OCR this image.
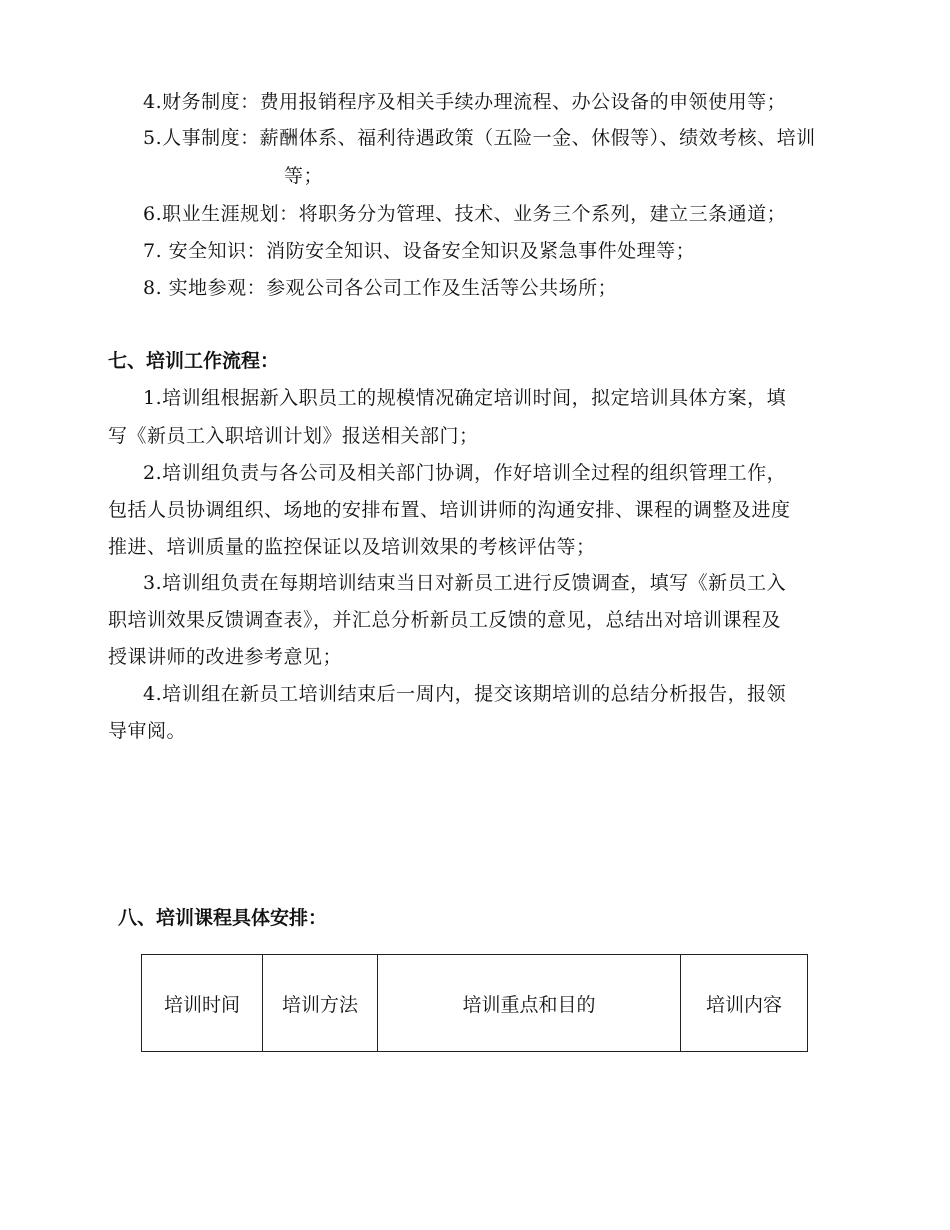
4.财务制度：费用报销程序及相关手续办理流程、办公设备的申领使用等；
5.人事制度：薪酬体系、福利待遇政策（五险一金、休假等）、绩效考核、培训
等；
6.职业生涯规划：将职务分为管理、技术、业务三个系列，建立三条通道；
7. 安全知识：消防安全知识、设备安全知识及紧急事件处理等；
8. 实地参观：参观公司各公司工作及生活等公共场所；
七、培训工作流程：
1.培训组根据新入职员工的规模情况确定培训时间，拟定培训具体方案，填
写《新员工入职培训计划》报送相关部门；
2.培训组负责与各公司及相关部门协调，作好培训全过程的组织管理工作，
包括人员协调组织、场地的安排布置、培训讲师的沟通安排、课程的调整及进度
推进、培训质量的监控保证以及培训效果的考核评估等；
3.培训组负责在每期培训结束当日对新员工进行反馈调查，填写《新员工入
职培训效果反馈调查表》，并汇总分析新员工反馈的意见，总结出对培训课程及
授课讲师的改进参考意见；
4.培训组在新员工培训结束后一周内，提交该期培训的总结分析报告，报领
导审阅。
八、培训课程具体安排：
培训时间	培训方法	培训重点和目的	培训内容
